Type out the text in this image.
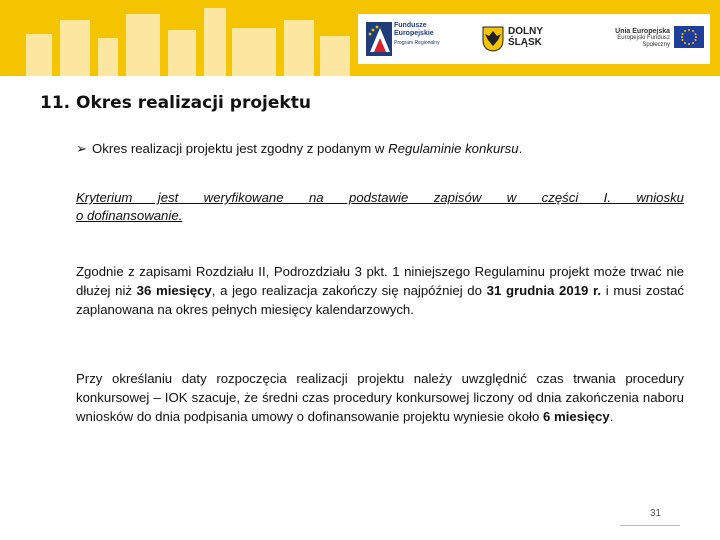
Fundusze
Europejskie
Program Regionalny
DOLNY
ŚLĄSK
Unia Europejska
Europejski Fundusz Społeczny
11. Okres realizacji projektu
➢ Okres realizacji projektu jest zgodny z podanym w Regulaminie konkursu.
Kryterium jest weryfikowane na podstawie zapisów w części I. wniosku
o dofinansowanie.
Zgodnie z zapisami Rozdziału II, Podrozdziału 3 pkt. 1 niniejszego Regulaminu projekt może trwać nie dłużej niż 36 miesięcy, a jego realizacja zakończy się najpóźniej do 31 grudnia 2019 r. i musi zostać zaplanowana na okres pełnych miesięcy kalendarzowych.
Przy określaniu daty rozpoczęcia realizacji projektu należy uwzględnić czas trwania procedury konkursowej – IOK szacuje, że średni czas procedury konkursowej liczony od dnia zakończenia naboru wniosków do dnia podpisania umowy o dofinansowanie projektu wyniesie około 6 miesięcy.
31
